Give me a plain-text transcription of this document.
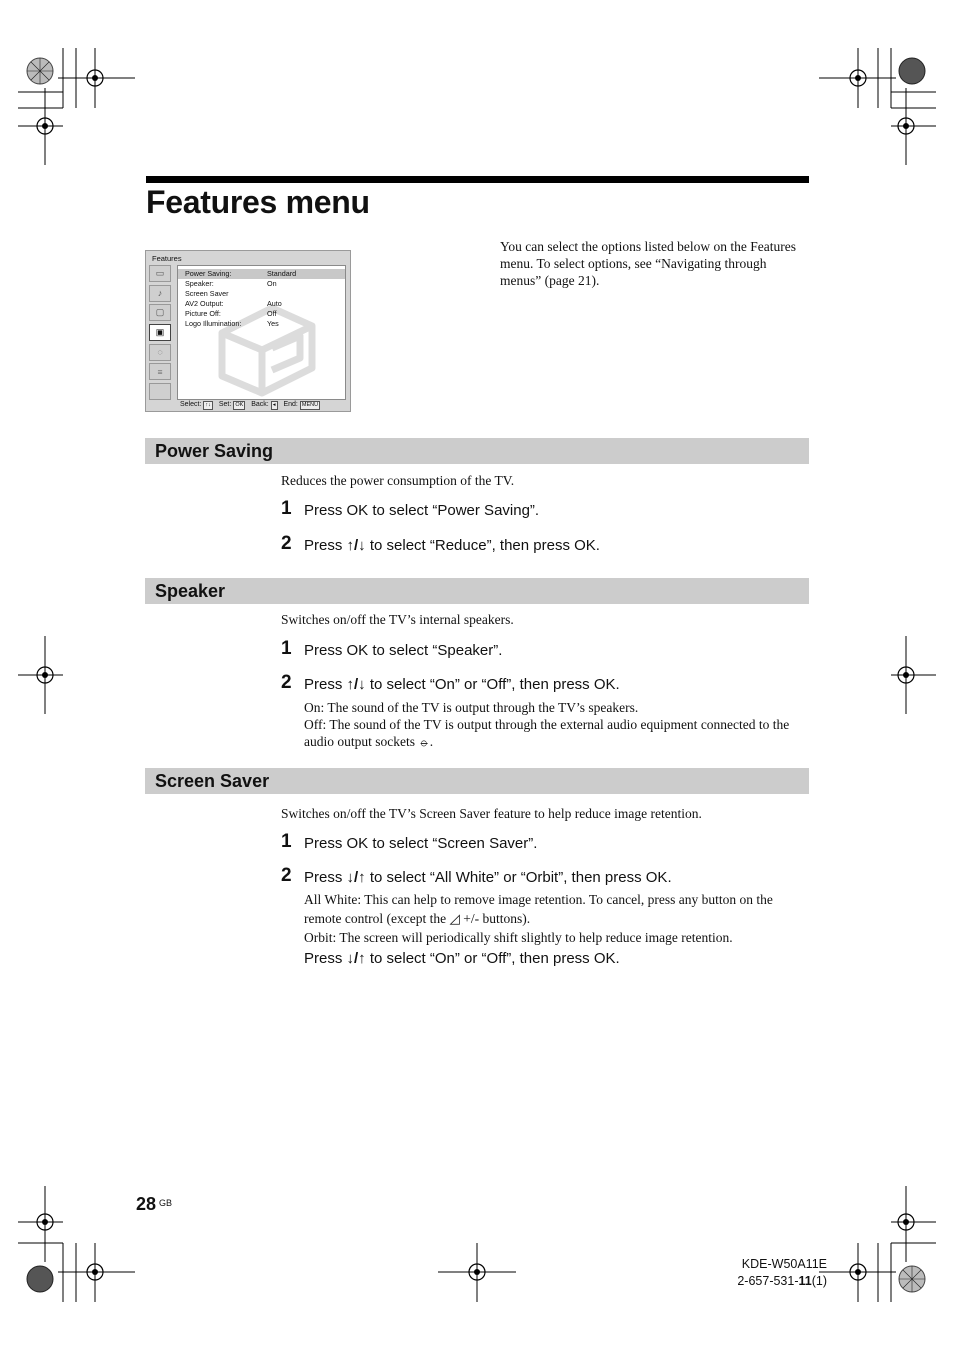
Features menu
Features
▭
♪
▢
▣
◌
≡
Power Saving:	Standard
Speaker:	On
Screen Saver
AV2 Output:	Auto
Picture Off:	Off
Logo Illumination:	Yes
Select: ↑↓ Set: OK Back: ◂ End: MENU
You can select the options listed below on the Features menu. To select options, see “Navigating through menus” (page 21).
Power Saving
Reduces the power consumption of the TV.
1 Press OK to select “Power Saving”.
2 Press ↑/↓ to select “Reduce”, then press OK.
Speaker
Switches on/off the TV’s internal speakers.
1 Press OK to select “Speaker”.
2 Press ↑/↓ to select “On” or “Off”, then press OK.
On: The sound of the TV is output through the TV’s speakers.
Off: The sound of the TV is output through the external audio equipment connected to the audio output sockets ⦵.
Screen Saver
Switches on/off the TV’s Screen Saver feature to help reduce image retention.
1 Press OK to select “Screen Saver”.
2 Press ↓/↑ to select “All White” or “Orbit”, then press OK.
All White: This can help to remove image retention. To cancel, press any button on the remote control (except the ◿ +/- buttons).
Orbit: The screen will periodically shift slightly to help reduce image retention.
Press ↓/↑ to select “On” or “Off”, then press OK.
28 $^{GB}$
KDE-W50A11E
2-657-531-11(1)
